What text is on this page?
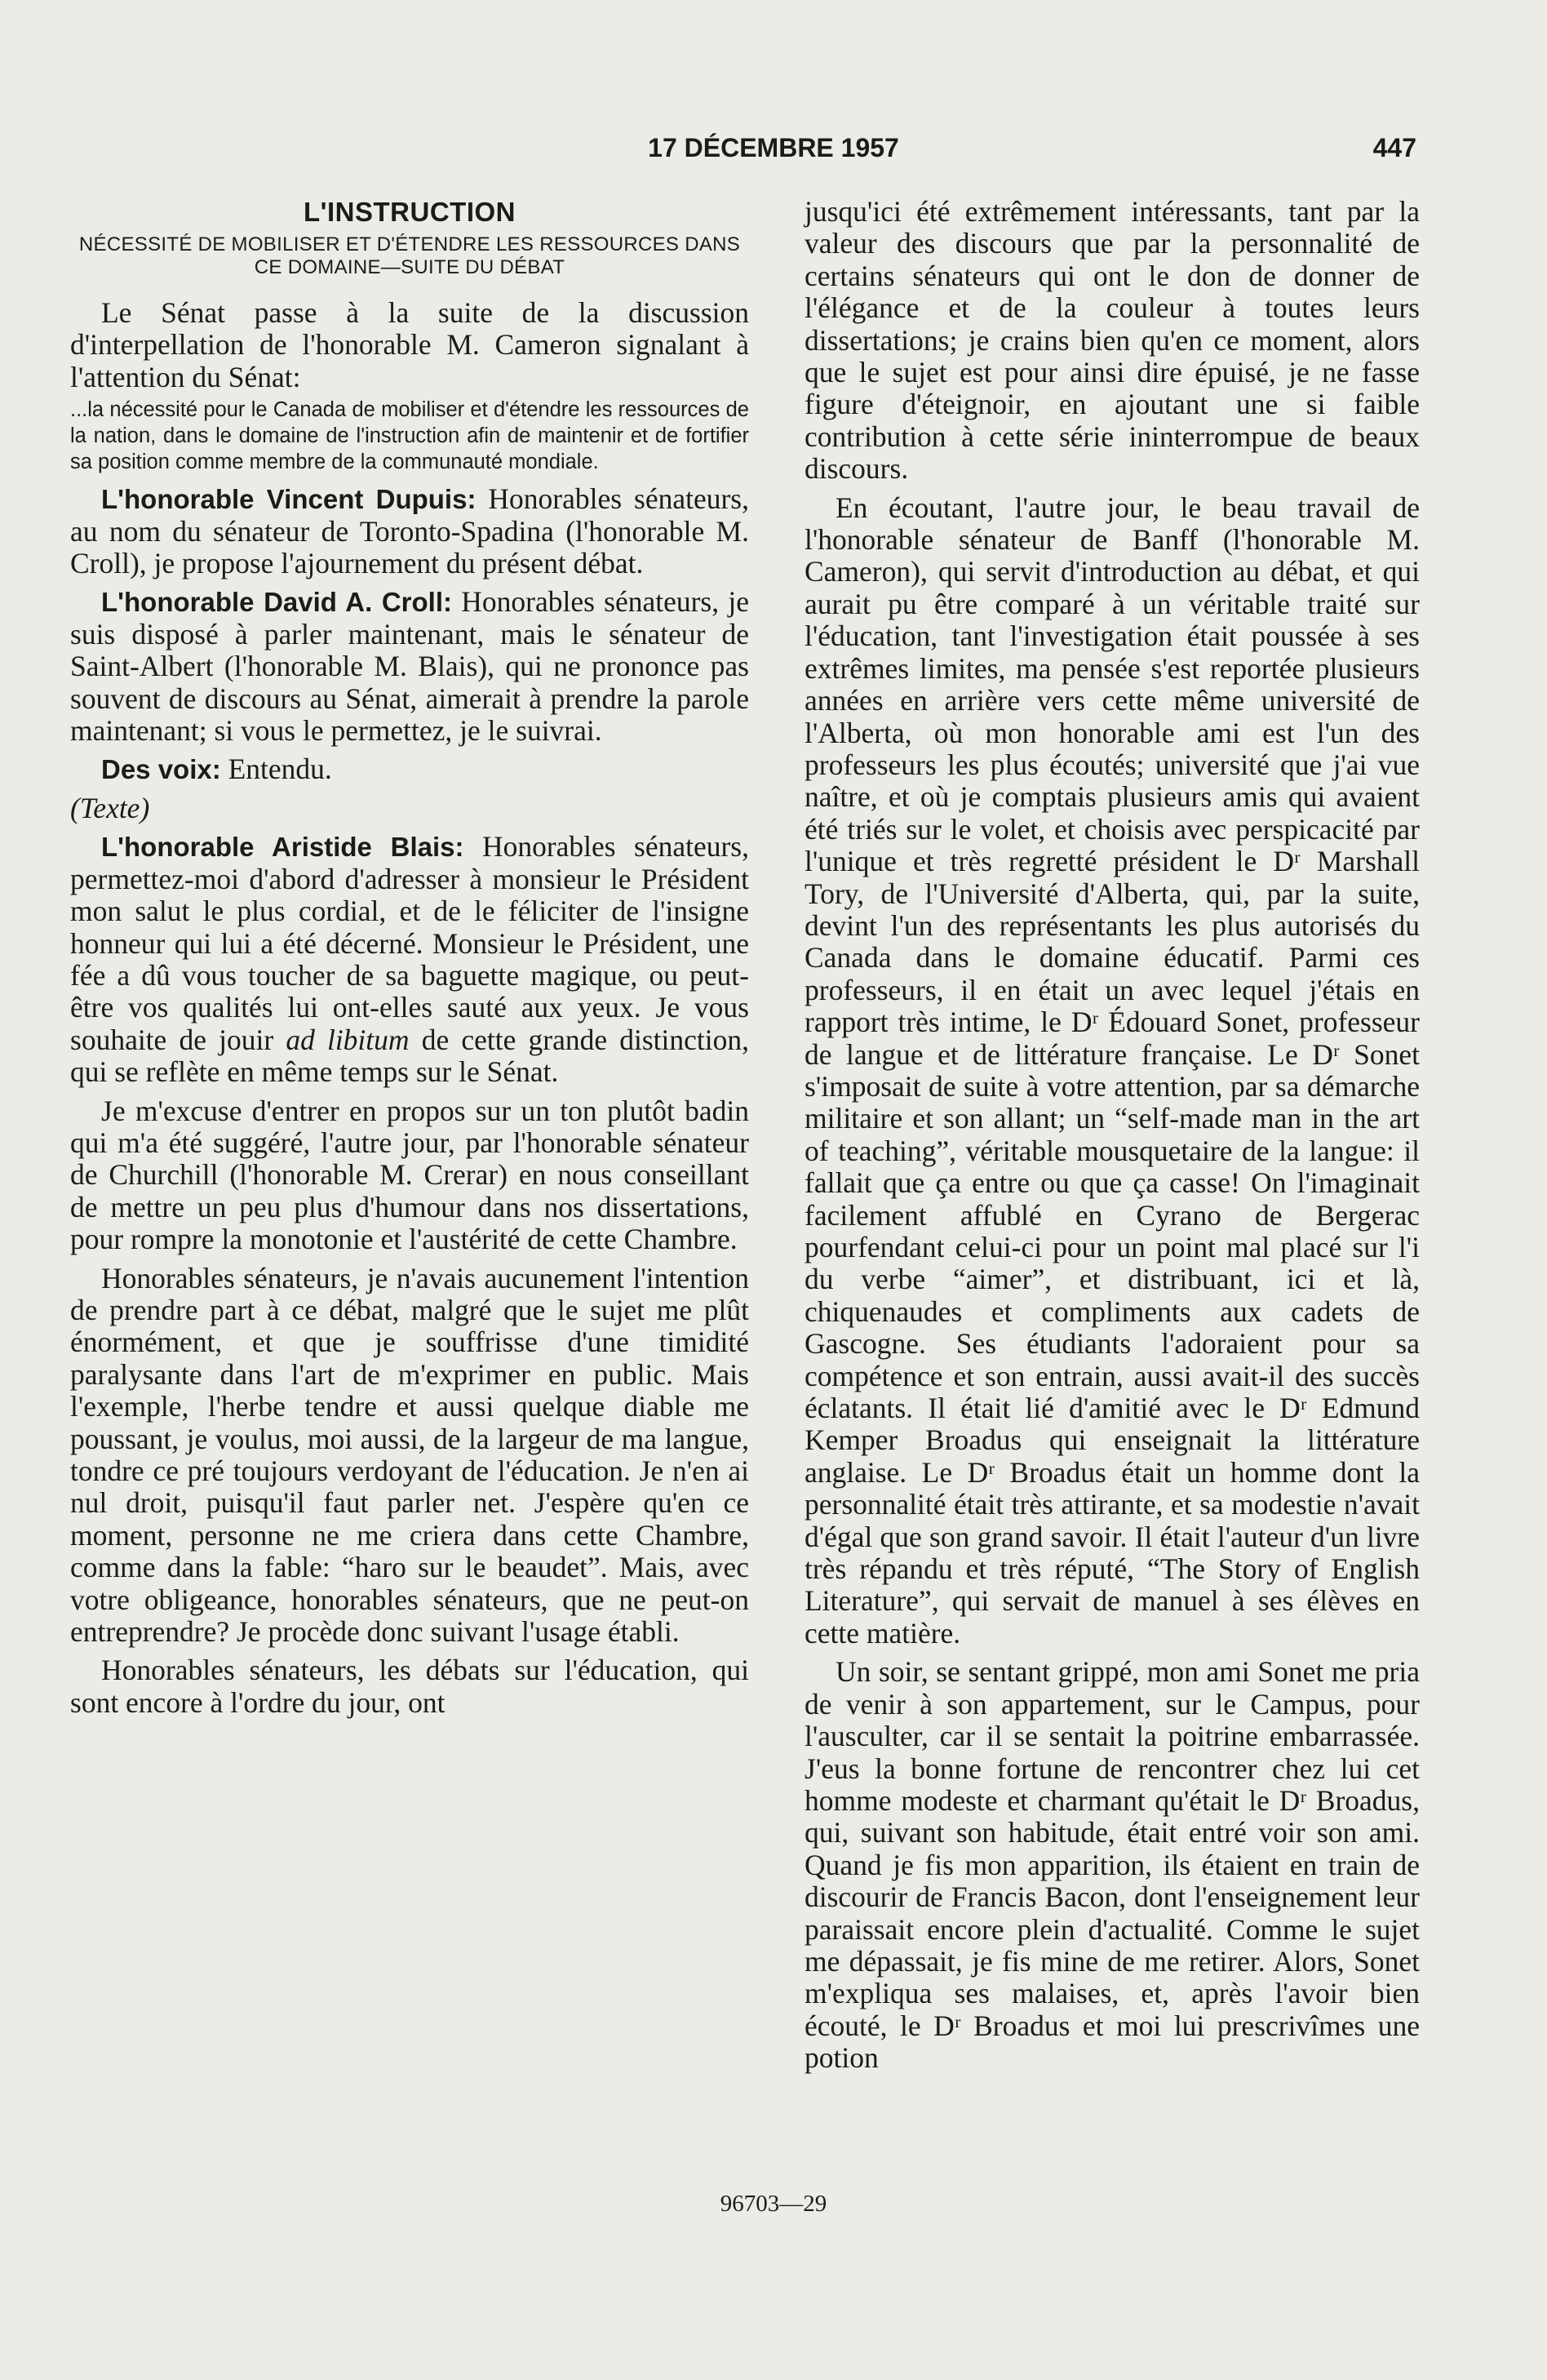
17 DÉCEMBRE 1957	447
L'INSTRUCTION
NÉCESSITÉ DE MOBILISER ET D'ÉTENDRE LES RESSOURCES DANS CE DOMAINE—SUITE DU DÉBAT

Le Sénat passe à la suite de la discussion d'interpellation de l'honorable M. Cameron signalant à l'attention du Sénat:

...la nécessité pour le Canada de mobiliser et d'étendre les ressources de la nation, dans le domaine de l'instruction afin de maintenir et de fortifier sa position comme membre de la communauté mondiale.

L'honorable Vincent Dupuis: Honorables sénateurs, au nom du sénateur de Toronto-Spadina (l'honorable M. Croll), je propose l'ajournement du présent débat.

L'honorable David A. Croll: Honorables sénateurs, je suis disposé à parler maintenant, mais le sénateur de Saint-Albert (l'honorable M. Blais), qui ne prononce pas souvent de discours au Sénat, aimerait à prendre la parole maintenant; si vous le permettez, je le suivrai.

Des voix: Entendu.

(Texte)

L'honorable Aristide Blais: Honorables sénateurs, permettez-moi d'abord d'adresser à monsieur le Président mon salut le plus cordial, et de le féliciter de l'insigne honneur qui lui a été décerné. Monsieur le Président, une fée a dû vous toucher de sa baguette magique, ou peut-être vos qualités lui ont-elles sauté aux yeux. Je vous souhaite de jouir ad libitum de cette grande distinction, qui se reflète en même temps sur le Sénat.

Je m'excuse d'entrer en propos sur un ton plutôt badin qui m'a été suggéré, l'autre jour, par l'honorable sénateur de Churchill (l'honorable M. Crerar) en nous conseillant de mettre un peu plus d'humour dans nos dissertations, pour rompre la monotonie et l'austérité de cette Chambre.

Honorables sénateurs, je n'avais aucunement l'intention de prendre part à ce débat, malgré que le sujet me plût énormément, et que je souffrisse d'une timidité paralysante dans l'art de m'exprimer en public. Mais l'exemple, l'herbe tendre et aussi quelque diable me poussant, je voulus, moi aussi, de la largeur de ma langue, tondre ce pré toujours verdoyant de l'éducation. Je n'en ai nul droit, puisqu'il faut parler net. J'espère qu'en ce moment, personne ne me criera dans cette Chambre, comme dans la fable: “haro sur le beaudet”. Mais, avec votre obligeance, honorables sénateurs, que ne peut-on entreprendre? Je procède donc suivant l'usage établi.

Honorables sénateurs, les débats sur l'éducation, qui sont encore à l'ordre du jour, ont

jusqu'ici été extrêmement intéressants, tant par la valeur des discours que par la personnalité de certains sénateurs qui ont le don de donner de l'élégance et de la couleur à toutes leurs dissertations; je crains bien qu'en ce moment, alors que le sujet est pour ainsi dire épuisé, je ne fasse figure d'éteignoir, en ajoutant une si faible contribution à cette série ininterrompue de beaux discours.

En écoutant, l'autre jour, le beau travail de l'honorable sénateur de Banff (l'honorable M. Cameron), qui servit d'introduction au débat, et qui aurait pu être comparé à un véritable traité sur l'éducation, tant l'investigation était poussée à ses extrêmes limites, ma pensée s'est reportée plusieurs années en arrière vers cette même université de l'Alberta, où mon honorable ami est l'un des professeurs les plus écoutés; université que j'ai vue naître, et où je comptais plusieurs amis qui avaient été triés sur le volet, et choisis avec perspicacité par l'unique et très regretté président le Dʳ Marshall Tory, de l'Université d'Alberta, qui, par la suite, devint l'un des représentants les plus autorisés du Canada dans le domaine éducatif. Parmi ces professeurs, il en était un avec lequel j'étais en rapport très intime, le Dʳ Édouard Sonet, professeur de langue et de littérature française. Le Dʳ Sonet s'imposait de suite à votre attention, par sa démarche militaire et son allant; un “self-made man in the art of teaching”, véritable mousquetaire de la langue: il fallait que ça entre ou que ça casse! On l'imaginait facilement affublé en Cyrano de Bergerac pourfendant celui-ci pour un point mal placé sur l'i du verbe “aimer”, et distribuant, ici et là, chiquenaudes et compliments aux cadets de Gascogne. Ses étudiants l'adoraient pour sa compétence et son entrain, aussi avait-il des succès éclatants. Il était lié d'amitié avec le Dʳ Edmund Kemper Broadus qui enseignait la littérature anglaise. Le Dʳ Broadus était un homme dont la personnalité était très attirante, et sa modestie n'avait d'égal que son grand savoir. Il était l'auteur d'un livre très répandu et très réputé, “The Story of English Literature”, qui servait de manuel à ses élèves en cette matière.

Un soir, se sentant grippé, mon ami Sonet me pria de venir à son appartement, sur le Campus, pour l'ausculter, car il se sentait la poitrine embarrassée. J'eus la bonne fortune de rencontrer chez lui cet homme modeste et charmant qu'était le Dʳ Broadus, qui, suivant son habitude, était entré voir son ami. Quand je fis mon apparition, ils étaient en train de discourir de Francis Bacon, dont l'enseignement leur paraissait encore plein d'actualité. Comme le sujet me dépassait, je fis mine de me retirer. Alors, Sonet m'expliqua ses malaises, et, après l'avoir bien écouté, le Dʳ Broadus et moi lui prescrivîmes une potion

96703—29
